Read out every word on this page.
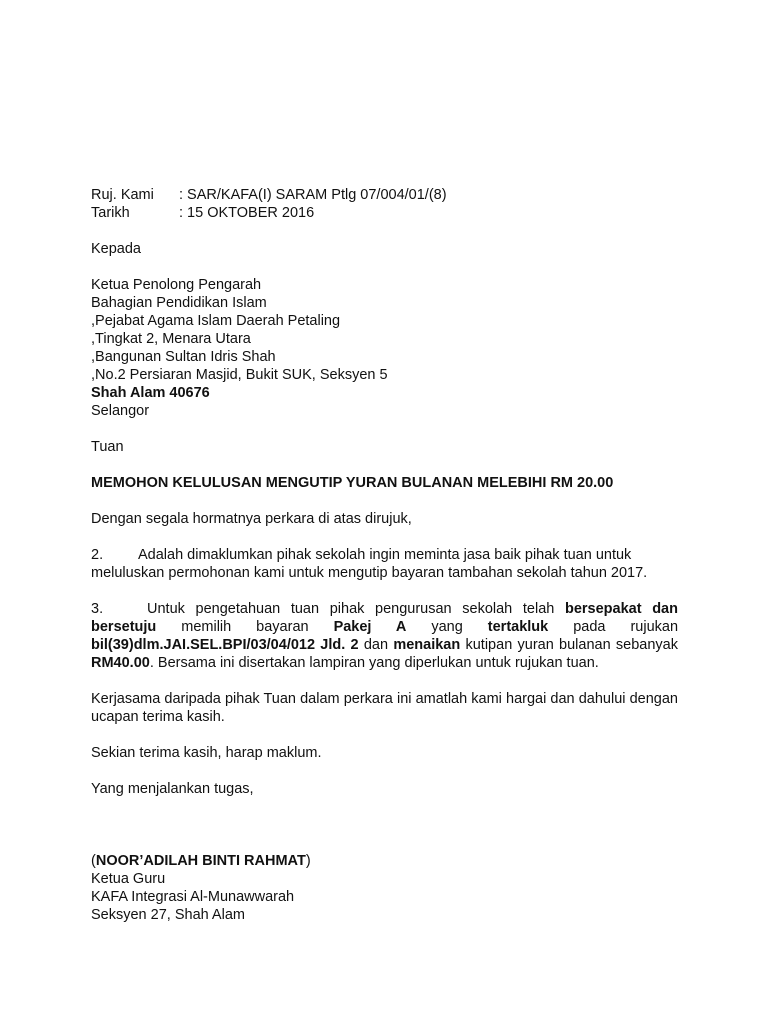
Ruj. Kami	: SAR/KAFA(I) SARAM Ptlg 07/004/01/(8)
Tarikh	: 15 OKTOBER 2016
Kepada
Ketua Penolong Pengarah
Bahagian Pendidikan Islam
,Pejabat Agama Islam Daerah Petaling
,Tingkat 2, Menara Utara
,Bangunan Sultan Idris Shah
,No.2 Persiaran Masjid, Bukit SUK, Seksyen 5
Shah Alam 40676
Selangor
Tuan
MEMOHON KELULUSAN MENGUTIP YURAN BULANAN MELEBIHI RM 20.00
Dengan segala hormatnya perkara di atas dirujuk,
2. Adalah dimaklumkan pihak sekolah ingin meminta jasa baik pihak tuan untuk
meluluskan permohonan kami untuk mengutip bayaran tambahan sekolah tahun 2017.

3.	Untuk pengetahuan tuan pihak pengurusan sekolah telah bersepakat dan bersetuju memilih bayaran Pakej A yang tertakluk pada rujukan bil(39)dlm.JAI.SEL.BPI/03/04/012 Jld. 2 dan menaikan kutipan yuran bulanan sebanyak RM40.00. Bersama ini disertakan lampiran yang diperlukan untuk rujukan tuan.

Kerjasama daripada pihak Tuan dalam perkara ini amatlah kami hargai dan dahului dengan ucapan terima kasih.

Sekian terima kasih, harap maklum.
Yang menjalankan tugas,
(NOOR’ADILAH BINTI RAHMAT)
Ketua Guru
KAFA Integrasi Al-Munawwarah
Seksyen 27, Shah Alam
